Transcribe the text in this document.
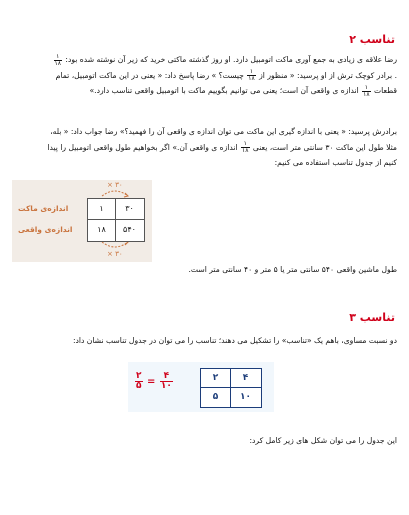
تناسب ۲
رضا علاقه ی زیادی به جمع آوری ماکت اتومبیل دارد. او روز گذشته ماکتی خرید که زیر آن نوشته شده بود:
$\frac{۱}{۱۸}$

. برادر کوچک ترش از او پرسید: « منظور از
$\frac{۱}{۱۸}$
چیست؟ » رضا پاسخ داد: « یعنی در این ماکت اتومبیل، تمام
قطعات
$\frac{۱}{۱۸}$
اندازه ی واقعی آن است؛ یعنی می توانیم بگوییم ماکت با اتومبیل واقعی تناسب دارد.»
برادرش پرسید: « یعنی با اندازه گیری این ماکت می توان اندازه ی واقعی آن را فهمید؟» رضا جواب داد: « بله،
مثلا طول این ماکت ۳۰ سانتی متر است، یعنی
$\frac{۱}{۱۸}$
اندازه ی واقعی آن.» اگر بخواهیم طول واقعی اتومبیل را پیدا
کنیم از جدول تناسب استفاده می کنیم:
× ۳۰
× ۳۰
اندازه‌ی ماکت
اندازه‌ی واقعی
۱	۳۰
۱۸	۵۴۰
طول ماشین واقعی ۵۴۰ سانتی متر یا ۵ متر و ۴۰ سانتی متر است.
تناسب ۳
دو نسبت مساوی، باهم یک «تناسب» را تشکیل می دهند؛ تناسب را می توان در جدول تناسب نشان داد:
$\frac{۲}{۵} = \frac{۴}{۱۰}$	۲	۴
۵	۱۰
این جدول را می توان شکل های زیر کامل کرد:
